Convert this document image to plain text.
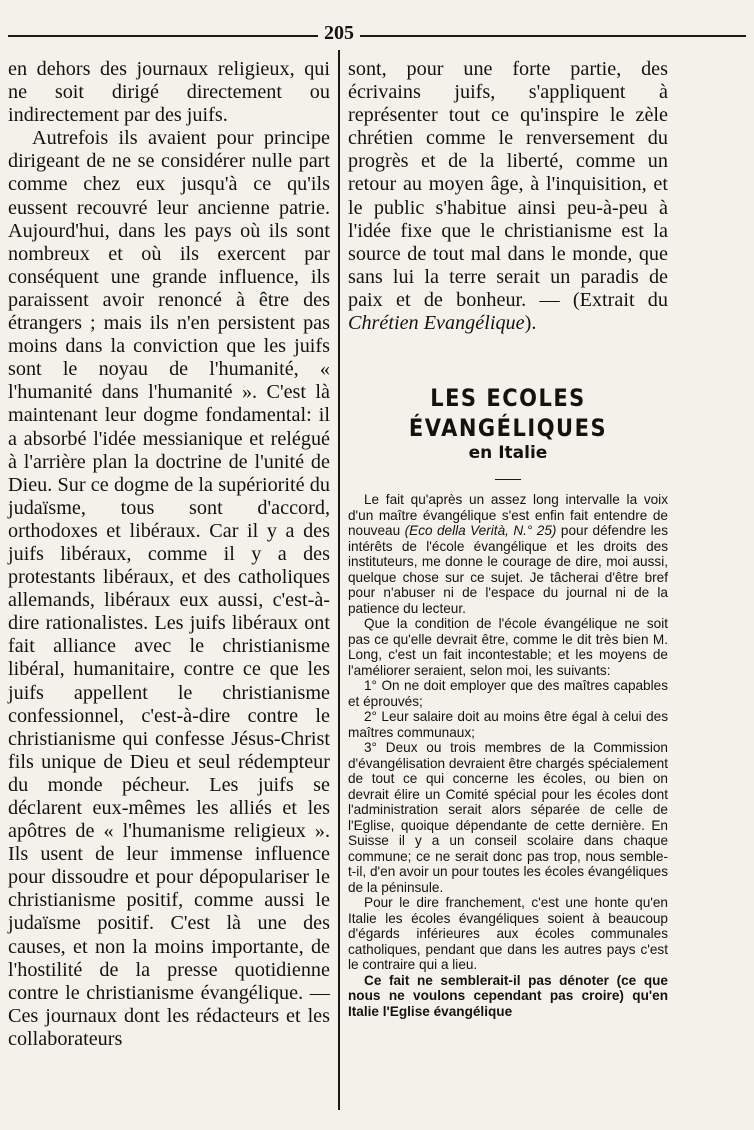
205

en dehors des journaux religieux, qui ne soit dirigé directement ou indirectement par des juifs.

Autrefois ils avaient pour principe dirigeant de ne se considérer nulle part comme chez eux jusqu'à ce qu'ils eussent recouvré leur ancienne patrie. Aujourd'hui, dans les pays où ils sont nombreux et où ils exercent par conséquent une grande influence, ils paraissent avoir renoncé à être des étrangers ; mais ils n'en persistent pas moins dans la conviction que les juifs sont le noyau de l'humanité, « l'humanité dans l'humanité ». C'est là maintenant leur dogme fondamental: il a absorbé l'idée messianique et relégué à l'arrière plan la doctrine de l'unité de Dieu. Sur ce dogme de la supériorité du judaïsme, tous sont d'accord, orthodoxes et libéraux. Car il y a des juifs libéraux, comme il y a des protestants libéraux, et des catholiques allemands, libéraux eux aussi, c'est-à-dire rationalistes. Les juifs libéraux ont fait alliance avec le christianisme libéral, humanitaire, contre ce que les juifs appellent le christianisme confessionnel, c'est-à-dire contre le christianisme qui confesse Jésus-Christ fils unique de Dieu et seul rédempteur du monde pécheur. Les juifs se déclarent eux-mêmes les alliés et les apôtres de « l'humanisme religieux ». Ils usent de leur immense influence pour dissoudre et pour dépopulariser le christianisme positif, comme aussi le judaïsme positif. C'est là une des causes, et non la moins importante, de l'hostilité de la presse quotidienne contre le christianisme évangélique. — Ces journaux dont les rédacteurs et les collaborateurs

sont, pour une forte partie, des écrivains juifs, s'appliquent à représenter tout ce qu'inspire le zèle chrétien comme le renversement du progrès et de la liberté, comme un retour au moyen âge, à l'inquisition, et le public s'habitue ainsi peu-à-peu à l'idée fixe que le christianisme est la source de tout mal dans le monde, que sans lui la terre serait un paradis de paix et de bonheur. — (Extrait du Chrétien Evangélique).

LES ECOLES ÉVANGÉLIQUES
en Italie

Le fait qu'après un assez long intervalle la voix d'un maître évangélique s'est enfin fait entendre de nouveau (Eco della Verità, N.° 25) pour défendre les intérêts de l'école évangélique et les droits des instituteurs, me donne le courage de dire, moi aussi, quelque chose sur ce sujet. Je tâcherai d'être bref pour n'abuser ni de l'espace du journal ni de la patience du lecteur.

Que la condition de l'école évangélique ne soit pas ce qu'elle devrait être, comme le dit très bien M. Long, c'est un fait incontestable; et les moyens de l'améliorer seraient, selon moi, les suivants:

1° On ne doit employer que des maîtres capables et éprouvés;

2° Leur salaire doit au moins être égal à celui des maîtres communaux;

3° Deux ou trois membres de la Commission d'évangélisation devraient être chargés spécialement de tout ce qui concerne les écoles, ou bien on devrait élire un Comité spécial pour les écoles dont l'administration serait alors séparée de celle de l'Eglise, quoique dépendante de cette dernière. En Suisse il y a un conseil scolaire dans chaque commune; ce ne serait donc pas trop, nous semble-t-il, d'en avoir un pour toutes les écoles évangéliques de la péninsule.

Pour le dire franchement, c'est une honte qu'en Italie les écoles évangéliques soient à beaucoup d'égards inférieures aux écoles communales catholiques, pendant que dans les autres pays c'est le contraire qui a lieu.

Ce fait ne semblerait-il pas dénoter (ce que nous ne voulons cependant pas croire) qu'en Italie l'Eglise évangélique
